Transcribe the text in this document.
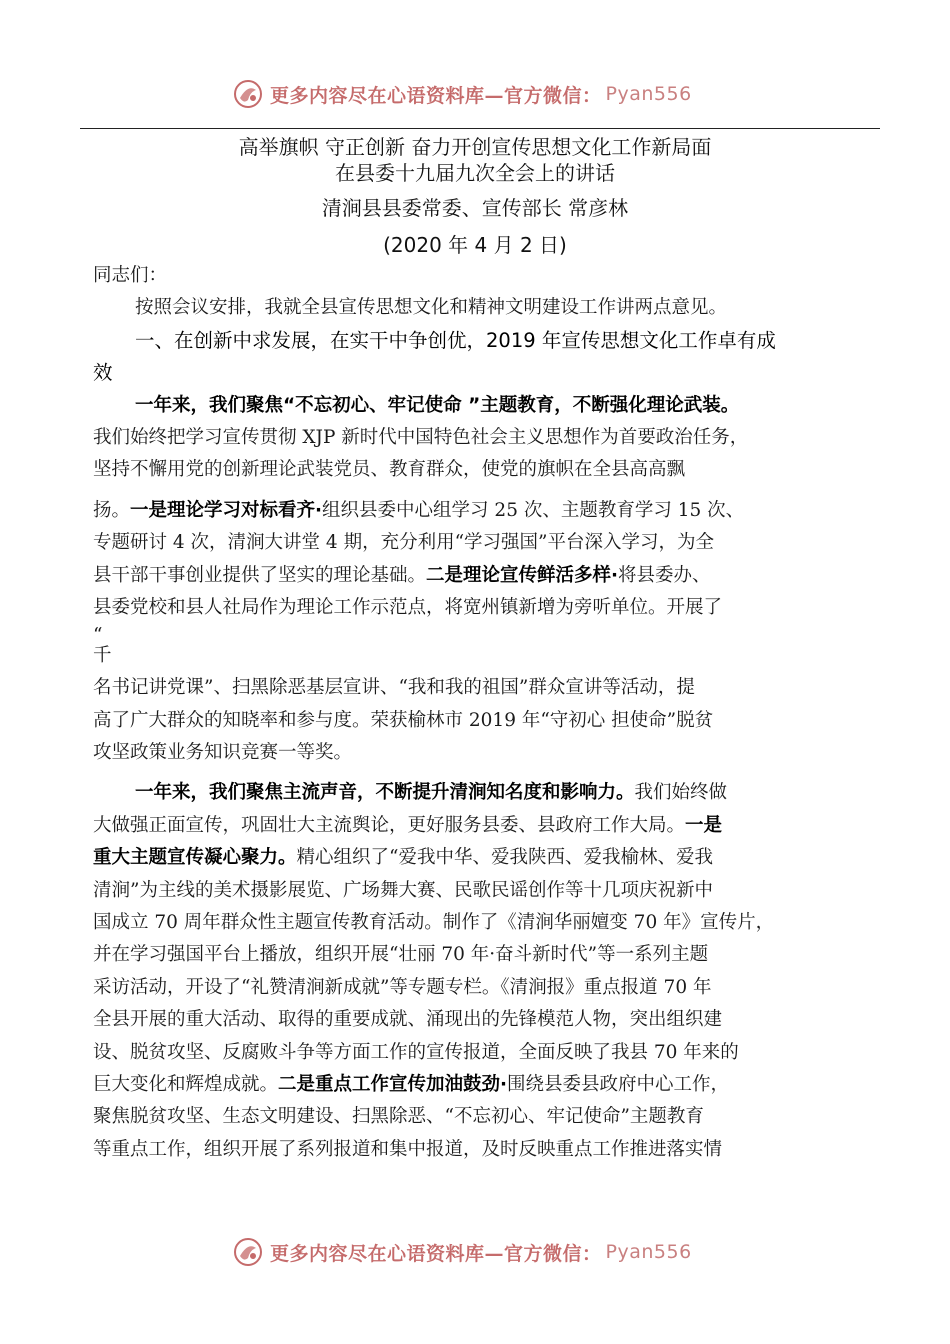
更多内容尽在心语资料库—官方微信： Pyan556
高举旗帜 守正创新 奋力开创宣传思想文化工作新局面
在县委十九届九次全会上的讲话
清涧县县委常委、宣传部长 常彦林
(2020 年 4 月 2 日)
同志们：
按照会议安排，我就全县宣传思想文化和精神文明建设工作讲两点意见。
一、在创新中求发展，在实干中争创优，2019 年宣传思想文化工作卓有成
效
一年来，我们聚焦“不忘初心、牢记使命 ”主题教育，不断强化理论武装。
我们始终把学习宣传贯彻 XJP 新时代中国特色社会主义思想作为首要政治任务，
坚持不懈用党的创新理论武装党员、教育群众，使党的旗帜在全县高高飘
扬。一是理论学习对标看齐·组织县委中心组学习 25 次、主题教育学习 15 次、
专题研讨 4 次，清涧大讲堂 4 期，充分利用“学习强国”平台深入学习，为全
县干部干事创业提供了坚实的理论基础。二是理论宣传鲜活多样·将县委办、
县委党校和县人社局作为理论工作示范点，将宽州镇新增为旁听单位。开展了
“
千
名书记讲党课”、扫黑除恶基层宣讲、“我和我的祖国”群众宣讲等活动，提
高了广大群众的知晓率和参与度。荣获榆林市 2019 年“守初心 担使命”脱贫
攻坚政策业务知识竞赛一等奖。
一年来，我们聚焦主流声音，不断提升清涧知名度和影响力。我们始终做
大做强正面宣传，巩固壮大主流舆论，更好服务县委、县政府工作大局。一是
重大主题宣传凝心聚力。精心组织了“爱我中华、爱我陕西、爱我榆林、爱我
清涧”为主线的美术摄影展览、广场舞大赛、民歌民谣创作等十几项庆祝新中
国成立 70 周年群众性主题宣传教育活动。制作了《清涧华丽嬗变 70 年》宣传片，
并在学习强国平台上播放，组织开展“壮丽 70 年·奋斗新时代”等一系列主题
采访活动，开设了“礼赞清涧新成就”等专题专栏。《清涧报》重点报道 70 年
全县开展的重大活动、取得的重要成就、涌现出的先锋模范人物，突出组织建
设、脱贫攻坚、反腐败斗争等方面工作的宣传报道，全面反映了我县 70 年来的
巨大变化和辉煌成就。二是重点工作宣传加油鼓劲·围绕县委县政府中心工作，
聚焦脱贫攻坚、生态文明建设、扫黑除恶、“不忘初心、牢记使命”主题教育
等重点工作，组织开展了系列报道和集中报道，及时反映重点工作推进落实情
更多内容尽在心语资料库—官方微信： Pyan556
